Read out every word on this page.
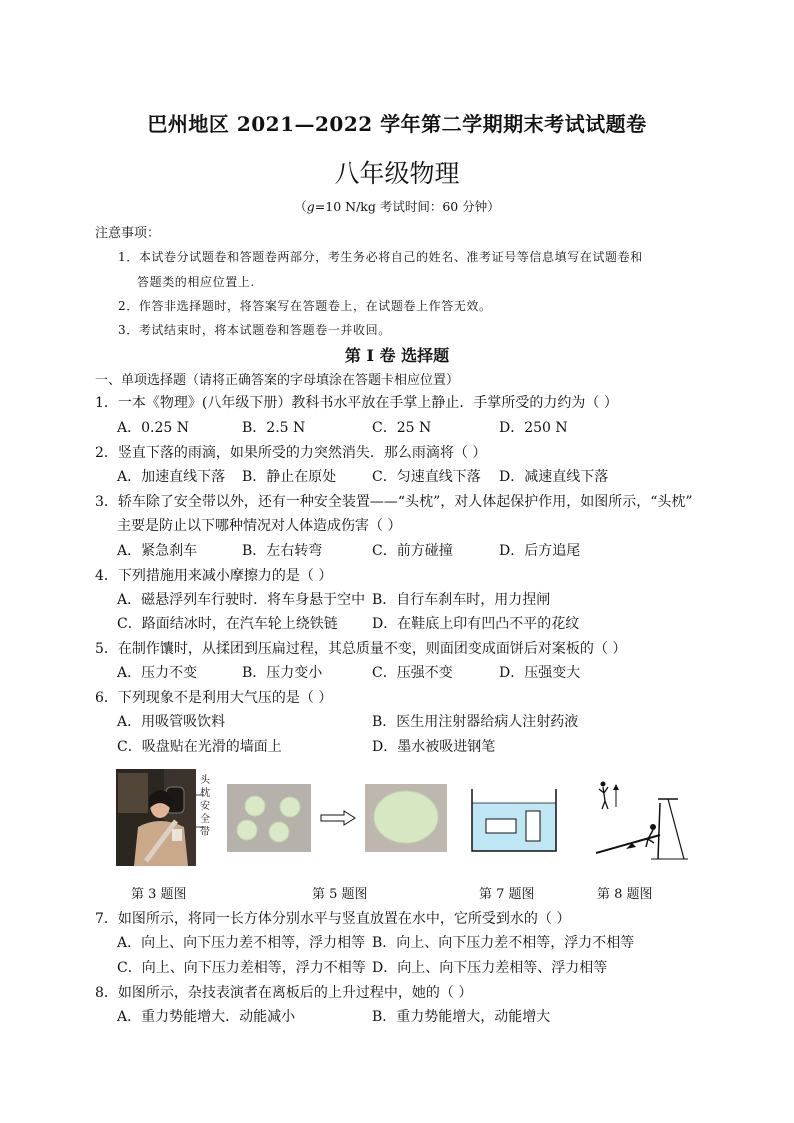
巴州地区 2021—2022 学年第二学期期末考试试题卷
八年级物理
（g=10 N/kg 考试时间：60 分钟）
注意事项：
1．本试卷分试题卷和答题卷两部分，考生务必将自己的姓名、准考证号等信息填写在试题卷和
答题类的相应位置上.
2．作答非选择题时，将答案写在答题卷上，在试题卷上作答无效。
3．考试结束时，将本试题卷和答题卷一并收回。
第 I 卷 选择题
一、单项选择题（请将正确答案的字母填涂在答题卡相应位置）
1．一本《物理》(八年级下册）教科书水平放在手掌上静止．手掌所受的力约为（ ）
A．0.25 N	B．2.5 N	C．25 N	D．250 N
2．竖直下落的雨滴，如果所受的力突然消失．那么雨滴将（ ）
A．加速直线下落 B．静止在原处	C．匀速直线下落 D．减速直线下落
3．轿车除了安全带以外，还有一种安全装置——“头枕”，对人体起保护作用，如图所示，“头枕”
主要是防止以下哪种情况对人体造成伤害（ ）
A．紧急刹车	B．左右转弯	C．前方碰撞	D．后方追尾
4．下列措施用来减小摩擦力的是（ ）
A．磁悬浮列车行驶时．将车身悬于空中 B．自行车刹车时，用力捏闸
C．路面结冰时，在汽车轮上绕铁链 D．在鞋底上印有凹凸不平的花纹
5．在制作馕时，从揉团到压扁过程，其总质量不变，则面团变成面饼后对案板的（ ）
A．压力不变	B．压力变小	C．压强不变	D．压强变大
6．下列现象不是利用大气压的是（ ）
A．用吸管吸饮料	B．医生用注射器给病人注射药液
C．吸盘贴在光滑的墙面上	D．墨水被吸进钢笔
头
枕
安
全
带
第 3 题图	第 5 题图	第 7 题图	第 8 题图
7．如图所示，将同一长方体分别水平与竖直放置在水中，它所受到水的（ ）
A．向上、向下压力差不相等，浮力相等 B．向上、向下压力差不相等，浮力不相等
C．向上、向下压力差相等，浮力不相等 D．向上、向下压力差相等、浮力相等
8．如图所示，杂技表演者在离板后的上升过程中，她的（ ）
A．重力势能增大．动能减小	B．重力势能增大，动能增大
